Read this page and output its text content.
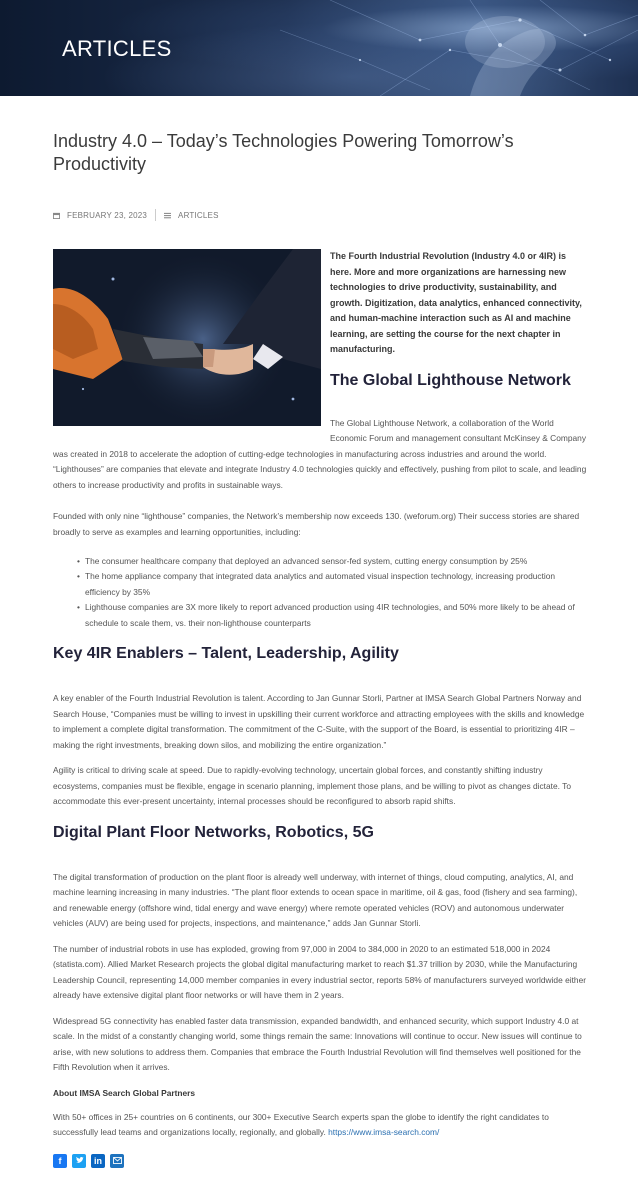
ARTICLES
Industry 4.0 – Today’s Technologies Powering Tomorrow’s Productivity
FEBRUARY 23, 2023	ARTICLES

The Fourth Industrial Revolution (Industry 4.0 or 4IR) is here. More and more organizations are harnessing new technologies to drive productivity, sustainability, and growth. Digitization, data analytics, enhanced connectivity, and human-machine interaction such as AI and machine learning, are setting the course for the next chapter in manufacturing.

The Global Lighthouse Network

The Global Lighthouse Network, a collaboration of the World Economic Forum and management consultant McKinsey & Company was created in 2018 to accelerate the adoption of cutting-edge technologies in manufacturing across industries and around the world. “Lighthouses” are companies that elevate and integrate Industry 4.0 technologies quickly and effectively, pushing from pilot to scale, and leading others to increase productivity and profits in sustainable ways.

Founded with only nine “lighthouse” companies, the Network’s membership now exceeds 130. (weforum.org) Their success stories are shared broadly to serve as examples and learning opportunities, including:

• The consumer healthcare company that deployed an advanced sensor-fed system, cutting energy consumption by 25%
• The home appliance company that integrated data analytics and automated visual inspection technology, increasing production efficiency by 35%
• Lighthouse companies are 3X more likely to report advanced production using 4IR technologies, and 50% more likely to be ahead of schedule to scale them, vs. their non-lighthouse counterparts
Key 4IR Enablers – Talent, Leadership, Agility

A key enabler of the Fourth Industrial Revolution is talent. According to Jan Gunnar Storli, Partner at IMSA Search Global Partners Norway and Search House, “Companies must be willing to invest in upskilling their current workforce and attracting employees with the skills and knowledge to implement a complete digital transformation. The commitment of the C-Suite, with the support of the Board, is essential to prioritizing 4IR – making the right investments, breaking down silos, and mobilizing the entire organization.”

Agility is critical to driving scale at speed. Due to rapidly-evolving technology, uncertain global forces, and constantly shifting industry ecosystems, companies must be flexible, engage in scenario planning, implement those plans, and be willing to pivot as changes dictate. To accommodate this ever-present uncertainty, internal processes should be reconfigured to absorb rapid shifts.

Digital Plant Floor Networks, Robotics, 5G

The digital transformation of production on the plant floor is already well underway, with internet of things, cloud computing, analytics, AI, and machine learning increasing in many industries. “The plant floor extends to ocean space in maritime, oil & gas, food (fishery and sea farming), and renewable energy (offshore wind, tidal energy and wave energy) where remote operated vehicles (ROV) and autonomous underwater vehicles (AUV) are being used for projects, inspections, and maintenance,” adds Jan Gunnar Storli.

The number of industrial robots in use has exploded, growing from 97,000 in 2004 to 384,000 in 2020 to an estimated 518,000 in 2024 (statista.com). Allied Market Research projects the global digital manufacturing market to reach $1.37 trillion by 2030, while the Manufacturing Leadership Council, representing 14,000 member companies in every industrial sector, reports 58% of manufacturers surveyed worldwide either already have extensive digital plant floor networks or will have them in 2 years.

Widespread 5G connectivity has enabled faster data transmission, expanded bandwidth, and enhanced security, which support Industry 4.0 at scale. In the midst of a constantly changing world, some things remain the same: Innovations will continue to occur. New issues will continue to arise, with new solutions to address them. Companies that embrace the Fourth Industrial Revolution will find themselves well positioned for the Fifth Revolution when it arrives.

About IMSA Search Global Partners

With 50+ offices in 25+ countries on 6 continents, our 300+ Executive Search experts span the globe to identify the right candidates to successfully lead teams and organizations locally, regionally, and globally. https://www.imsa-search.com/

f	in
